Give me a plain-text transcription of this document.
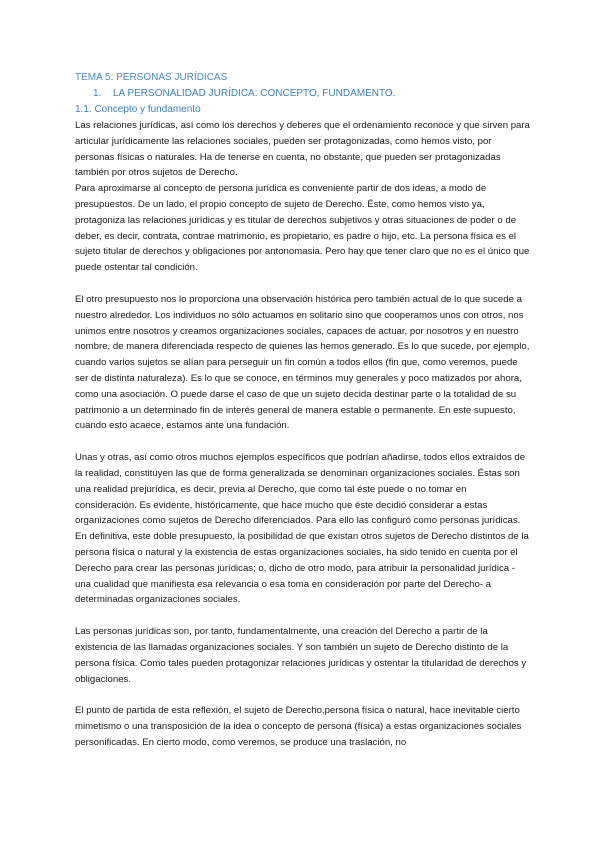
TEMA 5: PERSONAS JURÍDICAS

1. LA PERSONALIDAD JURÍDICA: CONCEPTO, FUNDAMENTO.

1.1. Concepto y fundamento

Las relaciones jurídicas, así como los derechos y deberes que el ordenamiento reconoce y que sirven para articular jurídicamente las relaciones sociales, pueden ser protagonizadas, como hemos visto, por personas físicas o naturales. Ha de tenerse en cuenta, no obstante, que pueden ser protagonizadas también por otros sujetos de Derecho.

Para aproximarse al concepto de persona jurídica es conveniente partir de dos ideas, a modo de presupuestos. De un lado, el propio concepto de sujeto de Derecho. Éste, como hemos visto ya, protagoniza las relaciones jurídicas y es titular de derechos subjetivos y otras situaciones de poder o de deber, es decir, contrata, contrae matrimonio, es propietario, es padre o hijo, etc. La persona física es el sujeto titular de derechos y obligaciones por antonomasia. Pero hay que tener claro que no es el único que puede ostentar tal condición.

El otro presupuesto nos lo proporciona una observación histórica pero también actual de lo que sucede a nuestro alrededor. Los individuos no sólo actuamos en solitario sino que cooperamos unos con otros, nos unimos entre nosotros y creamos organizaciones sociales, capaces de actuar, por nosotros y en nuestro nombre, de manera diferenciada respecto de quienes las hemos generado. Es lo que sucede, por ejemplo, cuando varios sujetos se alían para perseguir un fin común a todos ellos (fin que, como veremos, puede ser de distinta naturaleza). Es lo que se conoce, en términos muy generales y poco matizados por ahora, como una asociación. O puede darse el caso de que un sujeto decida destinar parte o la totalidad de su patrimonio a un determinado fin de interés general de manera estable o permanente. En este supuesto, cuando esto acaece, estamos ante una fundación.

Unas y otras, así como otros muchos ejemplos específicos que podrían añadirse, todos ellos extraídos de la realidad, constituyen las que de forma generalizada se denominan organizaciones sociales. Éstas son una realidad prejurídica, es decir, previa al Derecho, que como tal éste puede o no tomar en consideración. Es evidente, históricamente, que hace mucho que éste decidió considerar a estas organizaciones como sujetos de Derecho diferenciados. Para ello las configuró como personas jurídicas.

En definitiva, este doble presupuesto, la posibilidad de que existan otros sujetos de Derecho distintos de la persona física o natural y la existencia de estas organizaciones sociales, ha sido tenido en cuenta por el Derecho para crear las personas jurídicas; o, dicho de otro modo, para atribuir la personalidad jurídica -una cualidad que manifiesta esa relevancia o esa toma en consideración por parte del Derecho- a determinadas organizaciones sociales.

Las personas jurídicas son, por tanto, fundamentalmente, una creación del Derecho a partir de la existencia de las llamadas organizaciones sociales. Y son también un sujeto de Derecho distinto de la persona física. Como tales pueden protagonizar relaciones jurídicas y ostentar la titularidad de derechos y obligaciones.

El punto de partida de esta reflexión, el sujeto de Derecho,persona física o natural, hace inevitable cierto mimetismo o una transposición de la idea o concepto de persona (física) a estas organizaciones sociales personificadas. En cierto modo, como veremos, se produce una traslación, no
